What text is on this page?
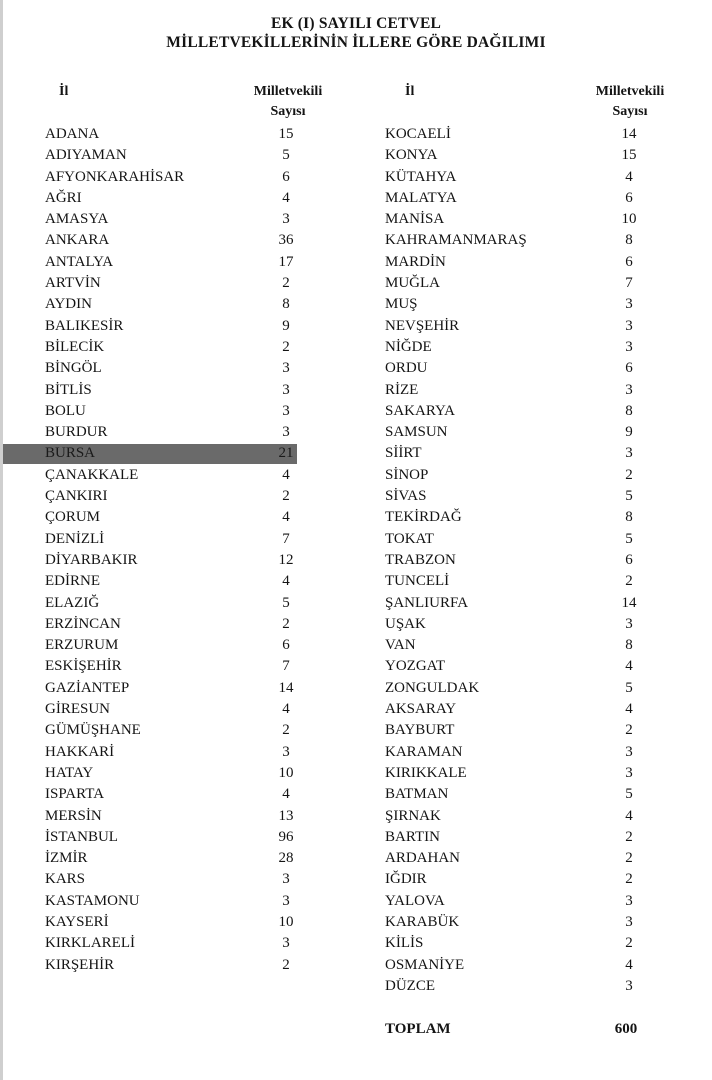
EK (I) SAYILI CETVEL
MİLLETVEKİLLERİNİN İLLERE GÖRE DAĞILIMI
İl	Milletvekili
Sayısı
İl	Milletvekili
Sayısı
ADANA	15
ADIYAMAN	5
AFYONKARAHİSAR	6
AĞRI	4
AMASYA	3
ANKARA	36
ANTALYA	17
ARTVİN	2
AYDIN	8
BALIKESİR	9
BİLECİK	2
BİNGÖL	3
BİTLİS	3
BOLU	3
BURDUR	3
BURSA	21
ÇANAKKALE	4
ÇANKIRI	2
ÇORUM	4
DENİZLİ	7
DİYARBAKIR	12
EDİRNE	4
ELAZIĞ	5
ERZİNCAN	2
ERZURUM	6
ESKİŞEHİR	7
GAZİANTEP	14
GİRESUN	4
GÜMÜŞHANE	2
HAKKARİ	3
HATAY	10
ISPARTA	4
MERSİN	13
İSTANBUL	96
İZMİR	28
KARS	3
KASTAMONU	3
KAYSERİ	10
KIRKLARELİ	3
KIRŞEHİR	2
KOCAELİ	14
KONYA	15
KÜTAHYA	4
MALATYA	6
MANİSA	10
KAHRAMANMARAŞ	8
MARDİN	6
MUĞLA	7
MUŞ	3
NEVŞEHİR	3
NİĞDE	3
ORDU	6
RİZE	3
SAKARYA	8
SAMSUN	9
SİİRT	3
SİNOP	2
SİVAS	5
TEKİRDAĞ	8
TOKAT	5
TRABZON	6
TUNCELİ	2
ŞANLIURFA	14
UŞAK	3
VAN	8
YOZGAT	4
ZONGULDAK	5
AKSARAY	4
BAYBURT	2
KARAMAN	3
KIRIKKALE	3
BATMAN	5
ŞIRNAK	4
BARTIN	2
ARDAHAN	2
IĞDIR	2
YALOVA	3
KARABÜK	3
KİLİS	2
OSMANİYE	4
DÜZCE	3
TOPLAM	600
